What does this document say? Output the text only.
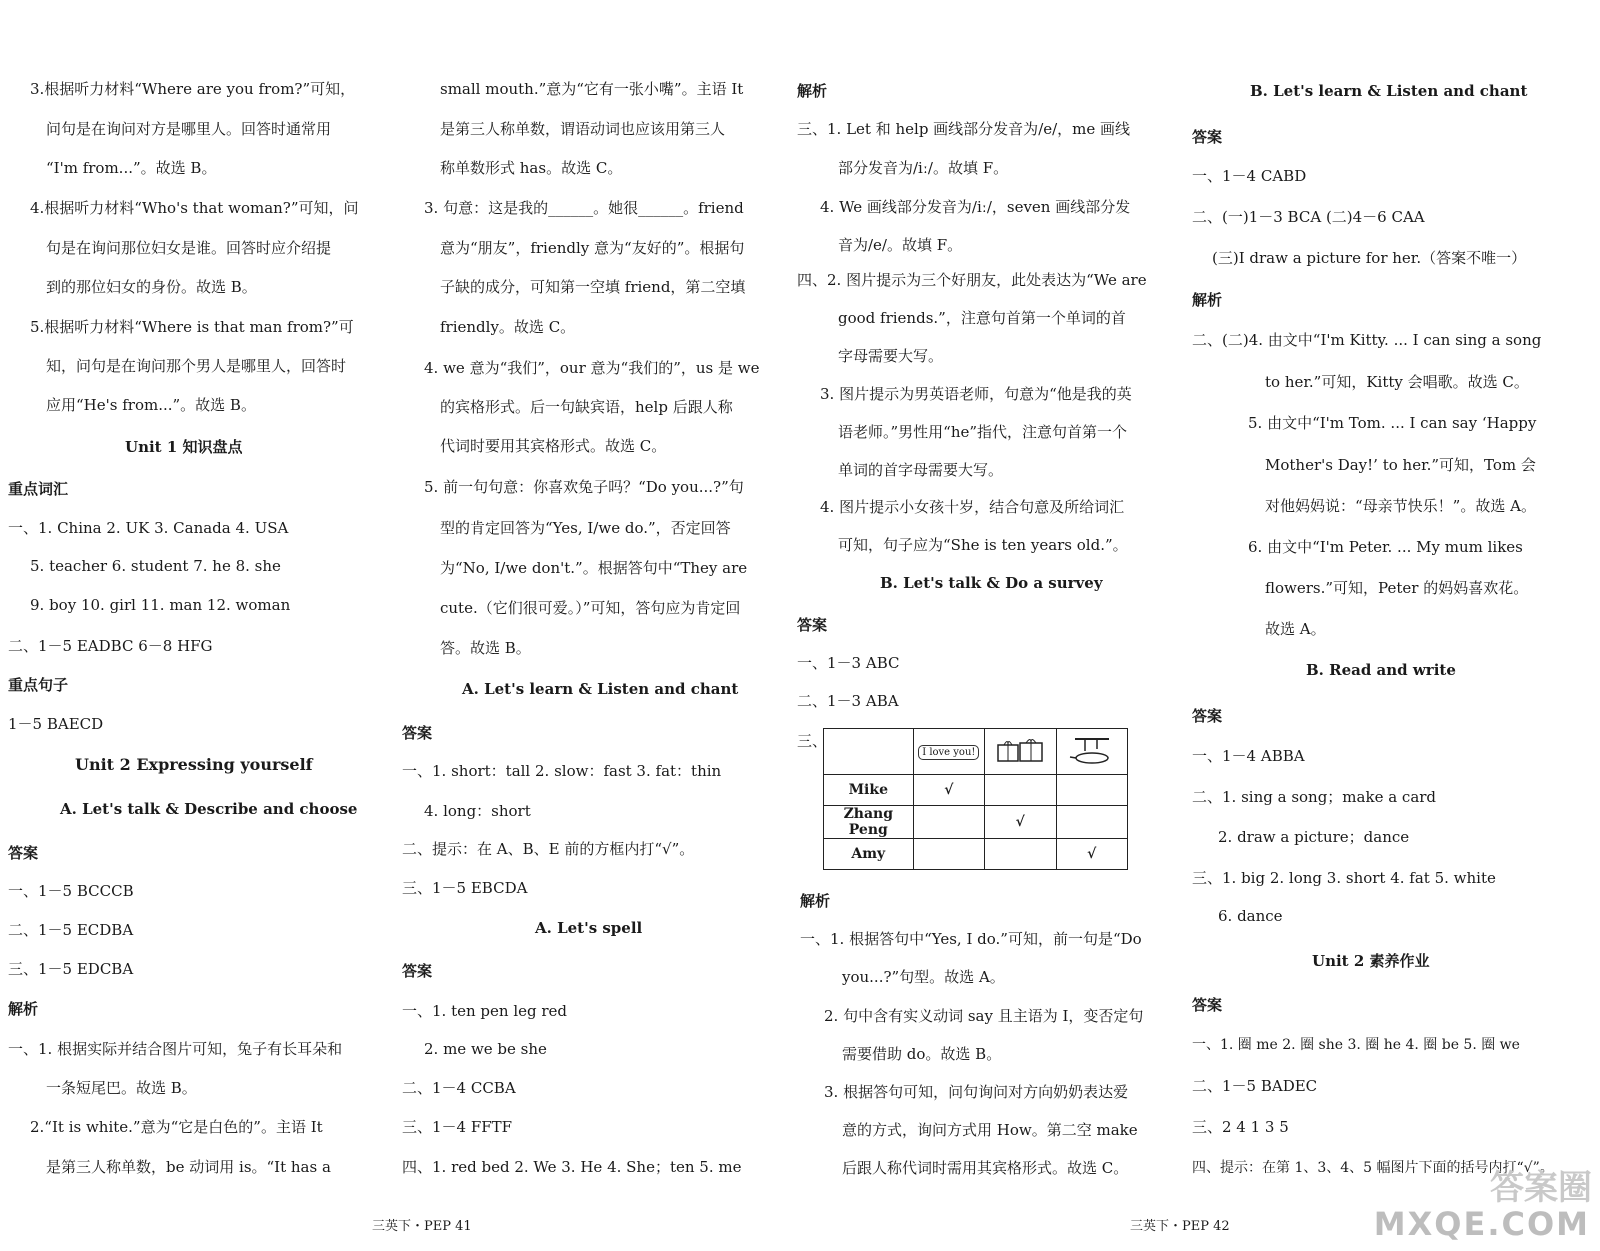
3.根据听力材料“Where are you from?”可知，
问句是在询问对方是哪里人。回答时通常用
“I'm from...”。故选 B。
4.根据听力材料“Who's that woman?”可知，问
句是在询问那位妇女是谁。回答时应介绍提
到的那位妇女的身份。故选 B。
5.根据听力材料“Where is that man from?”可
知，问句是在询问那个男人是哪里人，回答时
应用“He's from...”。故选 B。
Unit 1 知识盘点
重点词汇
一、1. China 2. UK 3. Canada 4. USA
5. teacher 6. student 7. he 8. she
9. boy 10. girl 11. man 12. woman
二、1－5 EADBC 6－8 HFG
重点句子
1－5 BAECD
Unit 2 Expressing yourself
A. Let's talk & Describe and choose
答案
一、1－5 BCCCB
二、1－5 ECDBA
三、1－5 EDCBA
解析
一、1. 根据实际并结合图片可知，兔子有长耳朵和
一条短尾巴。故选 B。
2.“It is white.”意为“它是白色的”。主语 It
是第三人称单数，be 动词用 is。“It has a
small mouth.”意为“它有一张小嘴”。主语 It
是第三人称单数，谓语动词也应该用第三人
称单数形式 has。故选 C。
3. 句意：这是我的______。她很______。friend
意为“朋友”，friendly 意为“友好的”。根据句
子缺的成分，可知第一空填 friend，第二空填
friendly。故选 C。
4. we 意为“我们”，our 意为“我们的”，us 是 we
的宾格形式。后一句缺宾语，help 后跟人称
代词时要用其宾格形式。故选 C。
5. 前一句句意：你喜欢兔子吗？“Do you...?”句
型的肯定回答为“Yes, I/we do.”，否定回答
为“No, I/we don't.”。根据答句中“They are
cute.（它们很可爱。）”可知，答句应为肯定回
答。故选 B。
A. Let's learn & Listen and chant
答案
一、1. short：tall 2. slow：fast 3. fat：thin
4. long：short
二、提示：在 A、B、E 前的方框内打“√”。
三、1－5 EBCDA
A. Let's spell
答案
一、1. ten pen leg red
2. me we be she
二、1－4 CCBA
三、1－4 FFTF
四、1. red bed 2. We 3. He 4. She；ten 5. me
解析
三、1. Let 和 help 画线部分发音为/e/，me 画线
部分发音为/iː/。故填 F。
4. We 画线部分发音为/iː/，seven 画线部分发
音为/e/。故填 F。
四、2. 图片提示为三个好朋友，此处表达为“We are
good friends.”，注意句首第一个单词的首
字母需要大写。
3. 图片提示为男英语老师，句意为“他是我的英
语老师。”男性用“he”指代，注意句首第一个
单词的首字母需要大写。
4. 图片提示小女孩十岁，结合句意及所给词汇
可知，句子应为“She is ten years old.”。
B. Let's talk & Do a survey
答案
一、1－3 ABC
二、1－3 ABA
三、
	I love you!		
Mike	√		
Zhang Peng		√	
Amy			√
解析
一、1. 根据答句中“Yes, I do.”可知，前一句是“Do
you...?”句型。故选 A。
2. 句中含有实义动词 say 且主语为 I，变否定句
需要借助 do。故选 B。
3. 根据答句可知，问句询问对方向奶奶表达爱
意的方式，询问方式用 How。第二空 make
后跟人称代词时需用其宾格形式。故选 C。
B. Let's learn & Listen and chant
答案
一、1－4 CABD
二、(一)1－3 BCA (二)4－6 CAA
(三)I draw a picture for her.（答案不唯一）
解析
二、(二)4. 由文中“I'm Kitty. ... I can sing a song
to her.”可知，Kitty 会唱歌。故选 C。
5. 由文中“I'm Tom. ... I can say ‘Happy
Mother's Day!’ to her.”可知，Tom 会
对他妈妈说：“母亲节快乐！”。故选 A。
6. 由文中“I'm Peter. ... My mum likes
flowers.”可知，Peter 的妈妈喜欢花。
故选 A。
B. Read and write
答案
一、1－4 ABBA
二、1. sing a song；make a card
2. draw a picture；dance
三、1. big 2. long 3. short 4. fat 5. white
6. dance
Unit 2 素养作业
答案
一、1. 圈 me 2. 圈 she 3. 圈 he 4. 圈 be 5. 圈 we
二、1－5 BADEC
三、2 4 1 3 5
四、提示：在第 1、3、4、5 幅图片下面的括号内打“√”。
三英下・PEP 41	三英下・PEP 42
答案圈
MXQE.COM
